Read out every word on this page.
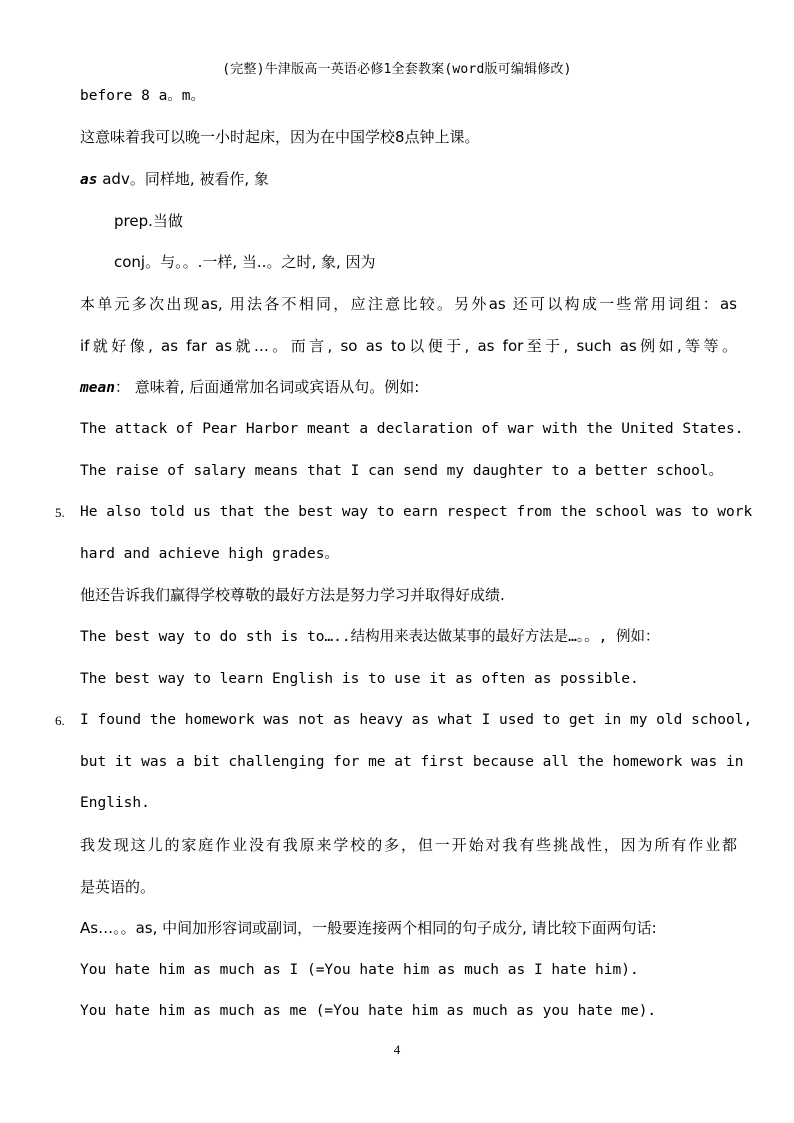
(完整)牛津版高一英语必修1全套教案(word版可编辑修改)
before 8 a。m。
这意味着我可以晚一小时起床，因为在中国学校8点钟上课。
as adv。同样地, 被看作, 象
prep.当做
conj。与。。.一样, 当..。之时, 象, 因为
本单元多次出现as, 用法各不相同，应注意比较。另外as 还可以构成一些常用词组：as
if就好像, as far as就…。而言, so as to以便于, as for至于, such as例如,等等。
mean： 意味着, 后面通常加名词或宾语从句。例如:
The attack of Pear Harbor meant a declaration of war with the United States.
The raise of salary means that I can send my daughter to a better school。
5. He also told us that the best way to earn respect from the school was to work
hard and achieve high grades。
他还告诉我们赢得学校尊敬的最好方法是努力学习并取得好成绩.
The best way to do sth is to…..结构用来表达做某事的最好方法是…。。, 例如：
The best way to learn English is to use it as often as possible.
6. I found the homework was not as heavy as what I used to get in my old school,
but it was a bit challenging for me at first because all the homework was in
English.
我发现这儿的家庭作业没有我原来学校的多，但一开始对我有些挑战性，因为所有作业都
是英语的。
As…。。as, 中间加形容词或副词，一般要连接两个相同的句子成分, 请比较下面两句话:
You hate him as much as I (=You hate him as much as I hate him).
You hate him as much as me (=You hate him as much as you hate me).
4
